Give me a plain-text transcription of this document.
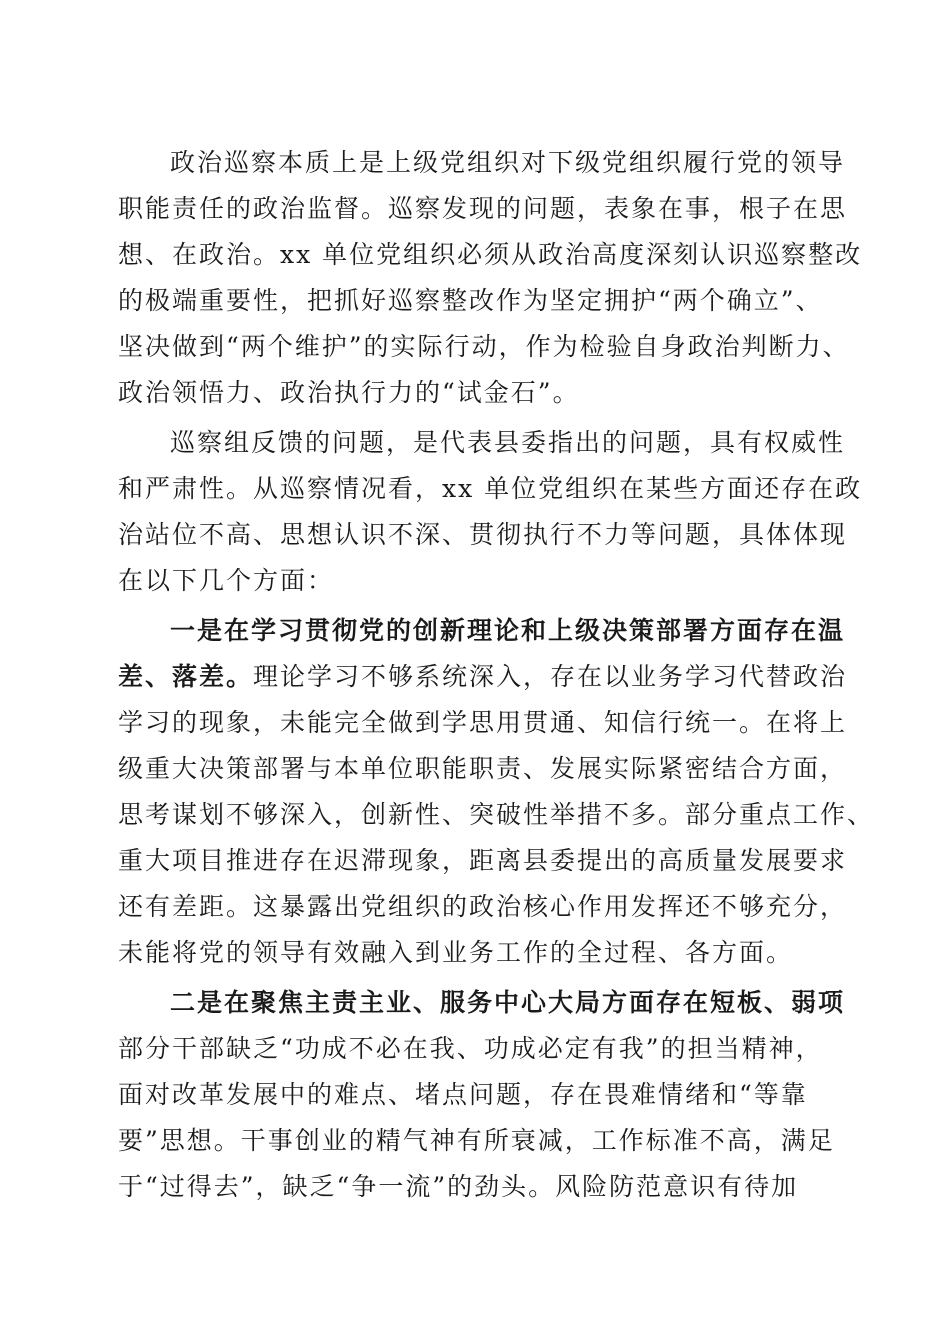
政治巡察本质上是上级党组织对下级党组织履行党的领导
职能责任的政治监督。巡察发现的问题，表象在事，根子在思
想、在政治。xx 单位党组织必须从政治高度深刻认识巡察整改
的极端重要性，把抓好巡察整改作为坚定拥护“两个确立”、
坚决做到“两个维护”的实际行动，作为检验自身政治判断力、
政治领悟力、政治执行力的“试金石”。
巡察组反馈的问题，是代表县委指出的问题，具有权威性
和严肃性。从巡察情况看，xx 单位党组织在某些方面还存在政
治站位不高、思想认识不深、贯彻执行不力等问题，具体体现
在以下几个方面：
一是在学习贯彻党的创新理论和上级决策部署方面存在温
差、落差。理论学习不够系统深入，存在以业务学习代替政治
学习的现象，未能完全做到学思用贯通、知信行统一。在将上
级重大决策部署与本单位职能职责、发展实际紧密结合方面，
思考谋划不够深入，创新性、突破性举措不多。部分重点工作、
重大项目推进存在迟滞现象，距离县委提出的高质量发展要求
还有差距。这暴露出党组织的政治核心作用发挥还不够充分，
未能将党的领导有效融入到业务工作的全过程、各方面。
二是在聚焦主责主业、服务中心大局方面存在短板、弱项
部分干部缺乏“功成不必在我、功成必定有我”的担当精神，
面对改革发展中的难点、堵点问题，存在畏难情绪和“等靠
要”思想。干事创业的精气神有所衰减，工作标准不高，满足
于“过得去”，缺乏“争一流”的劲头。风险防范意识有待加
